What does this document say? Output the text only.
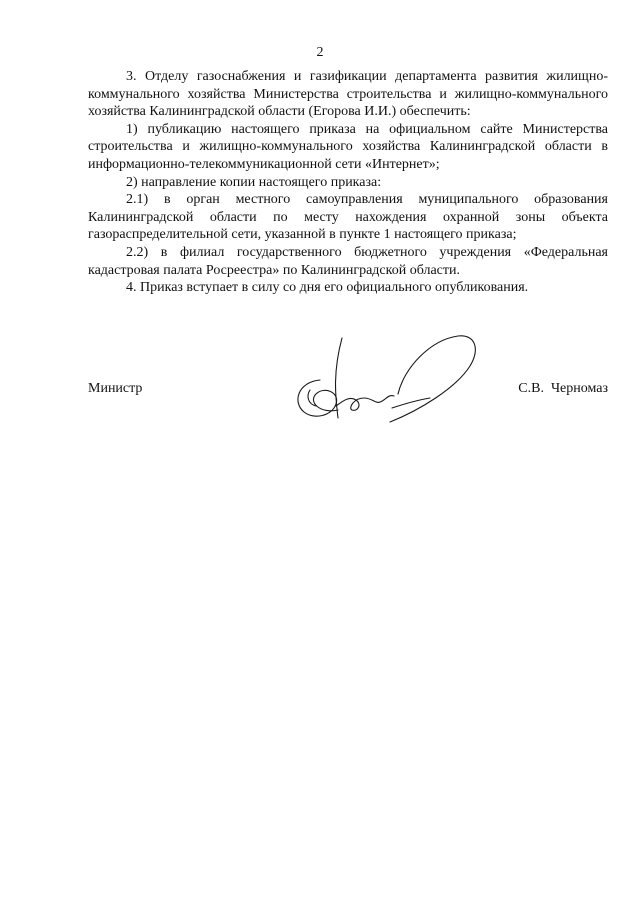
2

3. Отделу газоснабжения и газификации департамента развития жилищно-коммунального хозяйства Министерства строительства и жилищно-коммунального хозяйства Калининградской области (Егорова И.И.) обеспечить:

1) публикацию настоящего приказа на официальном сайте Министерства строительства и жилищно-коммунального хозяйства Калининградской области в информационно-телекоммуникационной сети «Интернет»;

2) направление копии настоящего приказа:

2.1) в орган местного самоуправления муниципального образования Калининградской области по месту нахождения охранной зоны объекта газораспределительной сети, указанной в пункте 1 настоящего приказа;

2.2) в филиал государственного бюджетного учреждения «Федеральная кадастровая палата Росреестра» по Калининградской области.

4. Приказ вступает в силу со дня его официального опубликования.

Министр	С.В.  Черномаз
